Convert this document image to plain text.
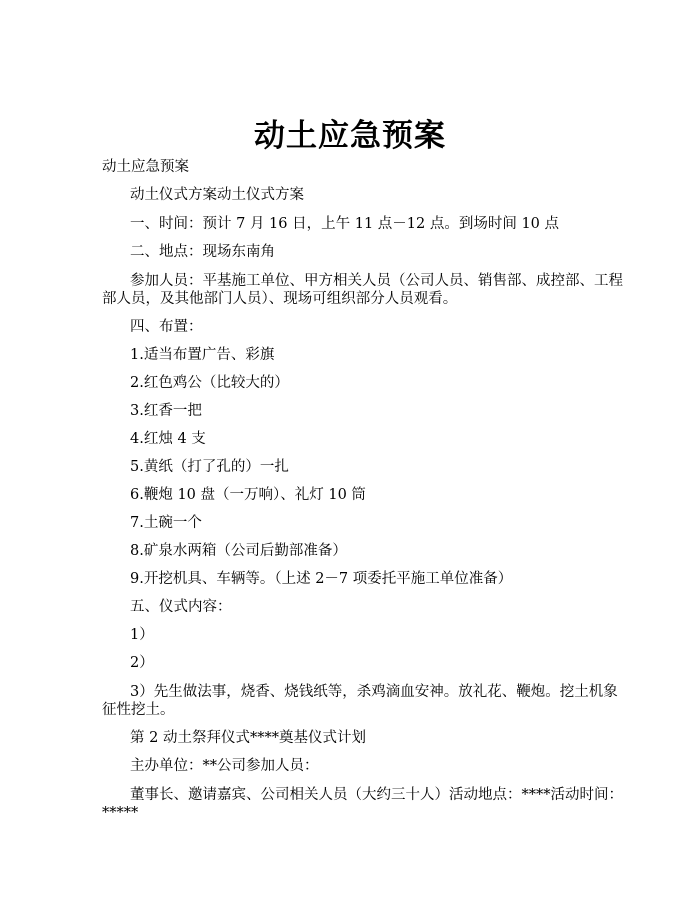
动土应急预案
动土应急预案
动土仪式方案动土仪式方案
一、时间：预计 7 月 16 日，上午 11 点－12 点。到场时间 10 点
二、地点：现场东南角
参加人员：平基施工单位、甲方相关人员（公司人员、销售部、成控部、工程
部人员，及其他部门人员）、现场可组织部分人员观看。
四、布置：
1.适当布置广告、彩旗
2.红色鸡公（比较大的）
3.红香一把
4.红烛 4 支
5.黄纸（打了孔的）一扎
6.鞭炮 10 盘（一万响）、礼灯 10 筒
7.土碗一个
8.矿泉水两箱（公司后勤部准备）
9.开挖机具、车辆等。（上述 2－7 项委托平施工单位准备）
五、仪式内容：
1）
2）
3）先生做法事，烧香、烧钱纸等，杀鸡滴血安神。放礼花、鞭炮。挖土机象
征性挖土。
第 2 动土祭拜仪式****奠基仪式计划
主办单位：**公司参加人员：
董事长、邀请嘉宾、公司相关人员（大约三十人）活动地点：****活动时间：
*****
